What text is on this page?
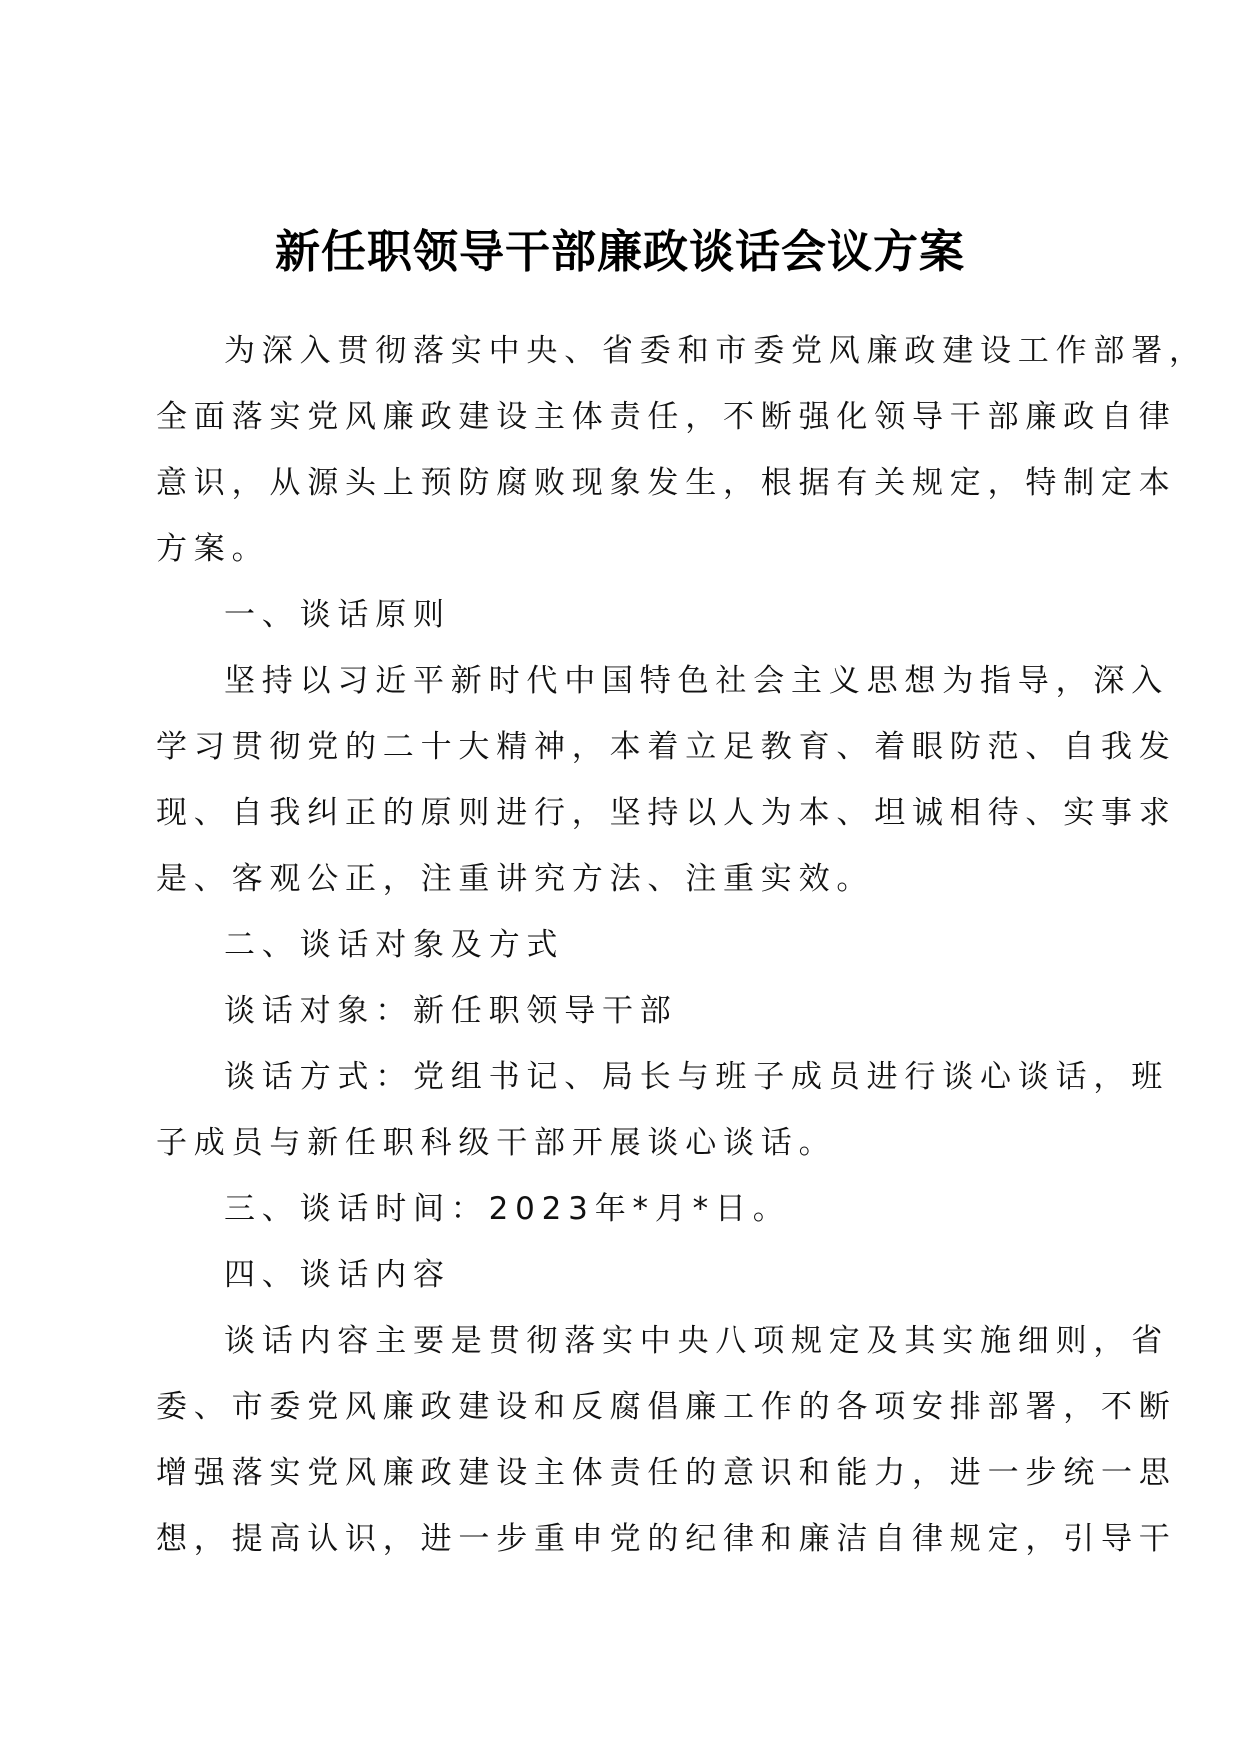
新任职领导干部廉政谈话会议方案
为深入贯彻落实中央、省委和市委党风廉政建设工作部署，
全面落实党风廉政建设主体责任，不断强化领导干部廉政自律
意识，从源头上预防腐败现象发生，根据有关规定，特制定本
方案。
一、谈话原则
坚持以习近平新时代中国特色社会主义思想为指导，深入
学习贯彻党的二十大精神，本着立足教育、着眼防范、自我发
现、自我纠正的原则进行，坚持以人为本、坦诚相待、实事求
是、客观公正，注重讲究方法、注重实效。
二、谈话对象及方式
谈话对象：新任职领导干部
谈话方式：党组书记、局长与班子成员进行谈心谈话，班
子成员与新任职科级干部开展谈心谈话。
三、谈话时间：2023年*月*日。
四、谈话内容
谈话内容主要是贯彻落实中央八项规定及其实施细则，省
委、市委党风廉政建设和反腐倡廉工作的各项安排部署，不断
增强落实党风廉政建设主体责任的意识和能力，进一步统一思
想，提高认识，进一步重申党的纪律和廉洁自律规定，引导干
